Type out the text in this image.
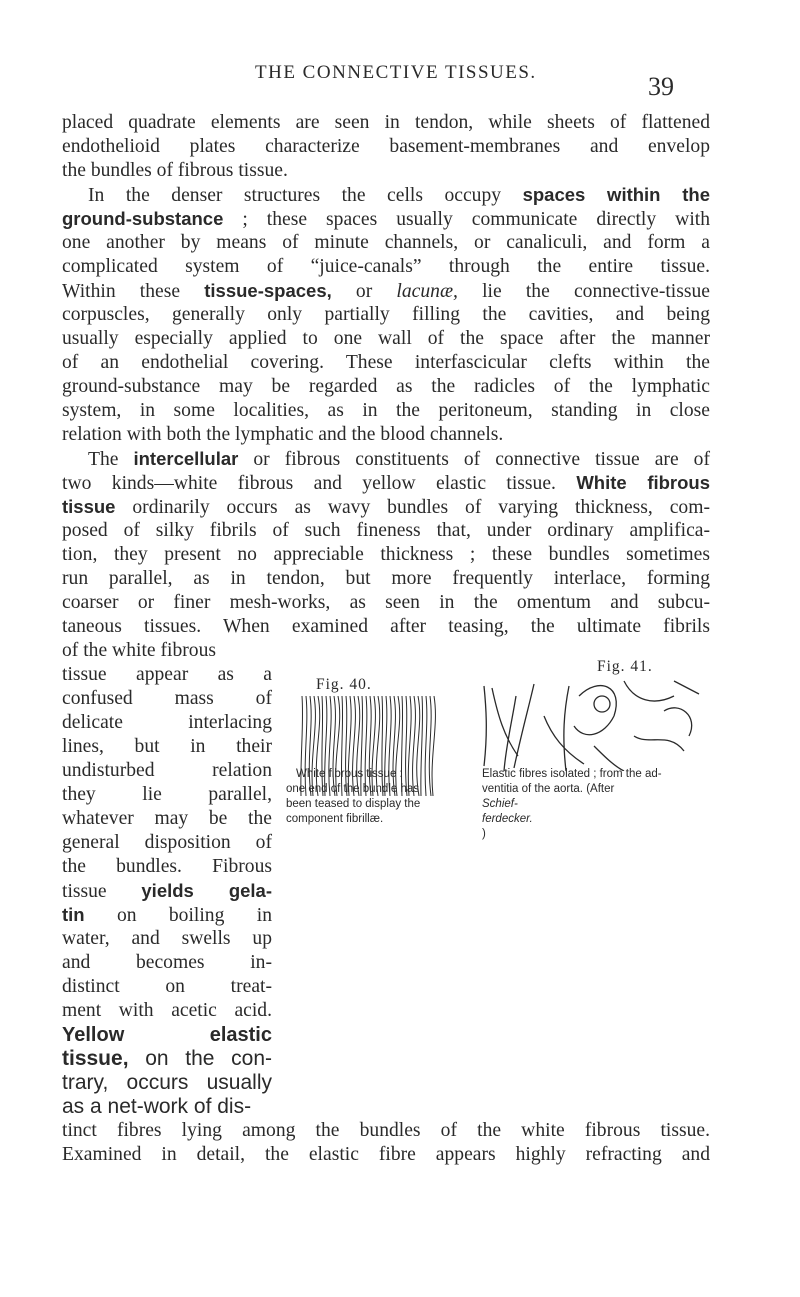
THE CONNECTIVE TISSUES.	39
placed quadrate elements are seen in tendon, while sheets of flattened
endothelioid plates characterize basement-membranes and envelop
the bundles of fibrous tissue.
In the denser structures the cells occupy spaces within the
ground-substance ; these spaces usually communicate directly with
one another by means of minute channels, or canaliculi, and form a
complicated system of “juice-canals” through the entire tissue.
Within these tissue-spaces, or lacunæ, lie the connective-tissue
corpuscles, generally only partially filling the cavities, and being
usually especially applied to one wall of the space after the manner
of an endothelial covering. These interfascicular clefts within the
ground-substance may be regarded as the radicles of the lymphatic
system, in some localities, as in the peritoneum, standing in close
relation with both the lymphatic and the blood channels.
The intercellular or fibrous constituents of connective tissue are of
two kinds—white fibrous and yellow elastic tissue. White fibrous
tissue ordinarily occurs as wavy bundles of varying thickness, com-
posed of silky fibrils of such fineness that, under ordinary amplifica-
tion, they present no appreciable thickness ; these bundles sometimes
run parallel, as in tendon, but more frequently interlace, forming
coarser or finer mesh-works, as seen in the omentum and subcu-
taneous tissues. When examined after teasing, the ultimate fibrils
of the white fibrous
tissue appear as a
confused mass of
delicate interlacing
lines, but in their
undisturbed relation
they lie parallel,
whatever may be the
general disposition of
the bundles. Fibrous
tissue yields gela-
tin on boiling in
water, and swells up
and becomes in-
distinct on treat-
ment with acetic acid.
Yellow elastic
tissue, on the con-
trary, occurs usually
as a net-work of dis-
tinct fibres lying among the bundles of the white fibrous tissue.
Examined in detail, the elastic fibre appears highly refracting and
Fig. 40.
White fibrous tissue :
one end of the bundle has
been teased to display the
component fibrillæ.
Fig. 41.
Elastic fibres isolated ; from the ad-
ventitia of the aorta. (After
Schief-
ferdecker.
)
